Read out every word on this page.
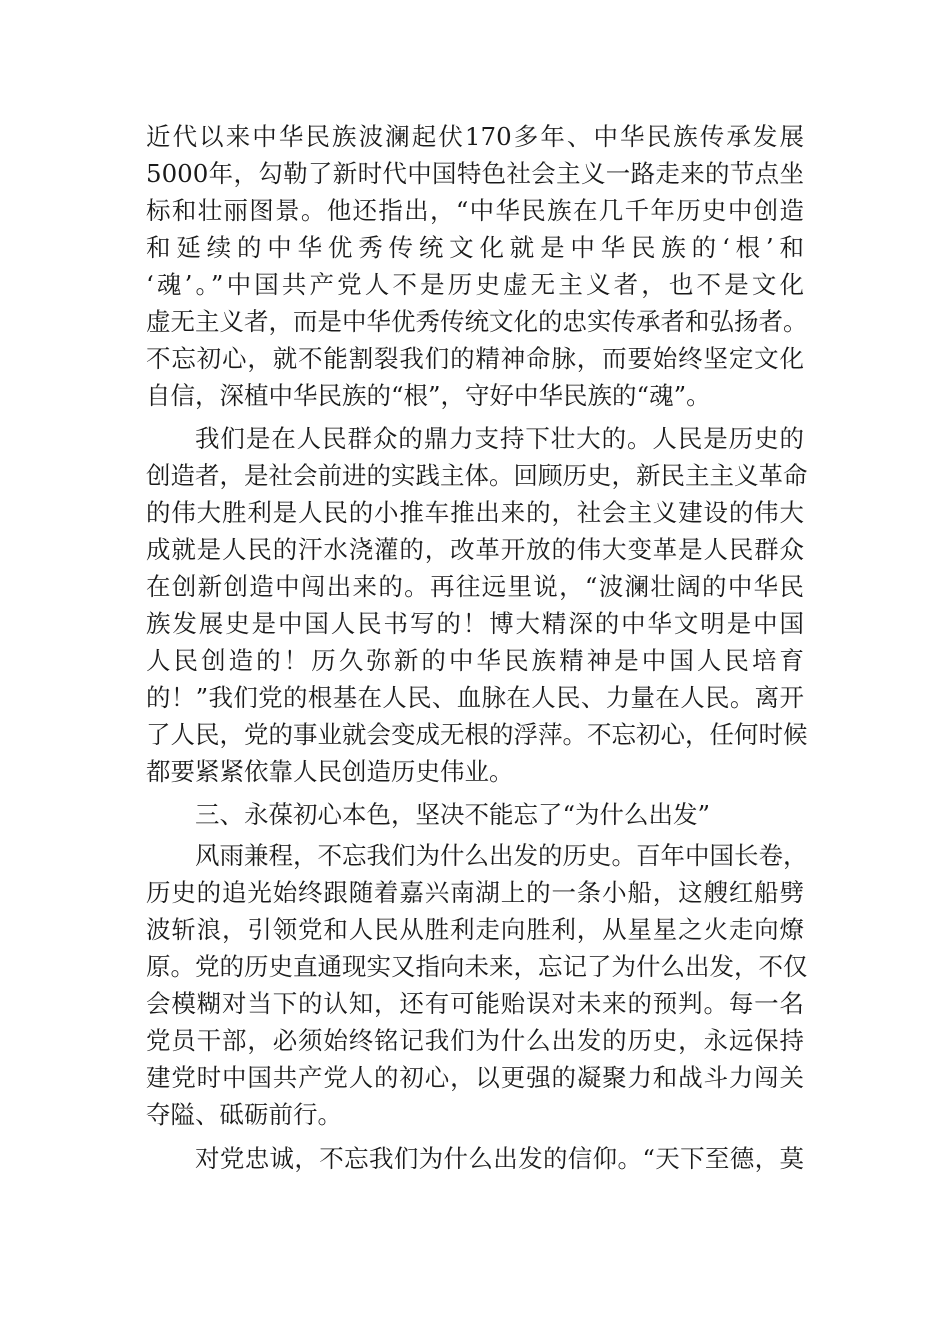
近代以来中华民族波澜起伏170多年、中华民族传承发展
5000年，勾勒了新时代中国特色社会主义一路走来的节点坐
标和壮丽图景。他还指出，“中华民族在几千年历史中创造
和延续的中华优秀传统文化就是中华民族的‘根’和
‘魂’。”中国共产党人不是历史虚无主义者，也不是文化
虚无主义者，而是中华优秀传统文化的忠实传承者和弘扬者。
不忘初心，就不能割裂我们的精神命脉，而要始终坚定文化
自信，深植中华民族的“根”，守好中华民族的“魂”。
我们是在人民群众的鼎力支持下壮大的。人民是历史的
创造者，是社会前进的实践主体。回顾历史，新民主主义革命
的伟大胜利是人民的小推车推出来的，社会主义建设的伟大
成就是人民的汗水浇灌的，改革开放的伟大变革是人民群众
在创新创造中闯出来的。再往远里说，“波澜壮阔的中华民
族发展史是中国人民书写的！博大精深的中华文明是中国
人民创造的！历久弥新的中华民族精神是中国人民培育
的！”我们党的根基在人民、血脉在人民、力量在人民。离开
了人民，党的事业就会变成无根的浮萍。不忘初心，任何时候
都要紧紧依靠人民创造历史伟业。
三、永葆初心本色，坚决不能忘了“为什么出发”
风雨兼程，不忘我们为什么出发的历史。百年中国长卷，
历史的追光始终跟随着嘉兴南湖上的一条小船，这艘红船劈
波斩浪，引领党和人民从胜利走向胜利，从星星之火走向燎
原。党的历史直通现实又指向未来，忘记了为什么出发，不仅
会模糊对当下的认知，还有可能贻误对未来的预判。每一名
党员干部，必须始终铭记我们为什么出发的历史，永远保持
建党时中国共产党人的初心，以更强的凝聚力和战斗力闯关
夺隘、砥砺前行。
对党忠诚，不忘我们为什么出发的信仰。“天下至德，莫
